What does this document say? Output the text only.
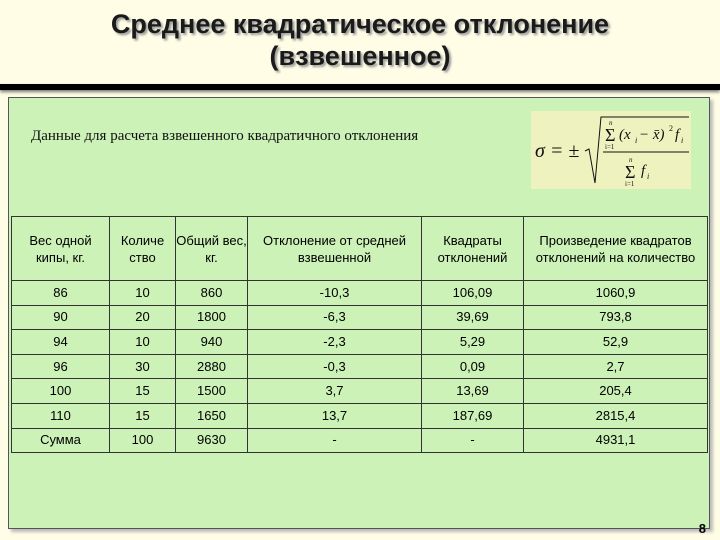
Среднее квадратическое отклонение
(взвешенное)
Данные для расчета взвешенного квадратичного отклонения
σ = ±
n
Σ
i=1
(x i − x̄) 2 f i
n
Σ
i=1
f i
Вес одной кипы, кг.	Количе ство	Общий вес, кг.	Отклонение от средней взвешенной	Квадраты отклонений	Произведение квадратов отклонений на количество
86	10	860	-10,3	106,09	1060,9
90	20	1800	-6,3	39,69	793,8
94	10	940	-2,3	5,29	52,9
96	30	2880	-0,3	0,09	2,7
100	15	1500	3,7	13,69	205,4
110	15	1650	13,7	187,69	2815,4
Сумма	100	9630	-	-	4931,1
8
